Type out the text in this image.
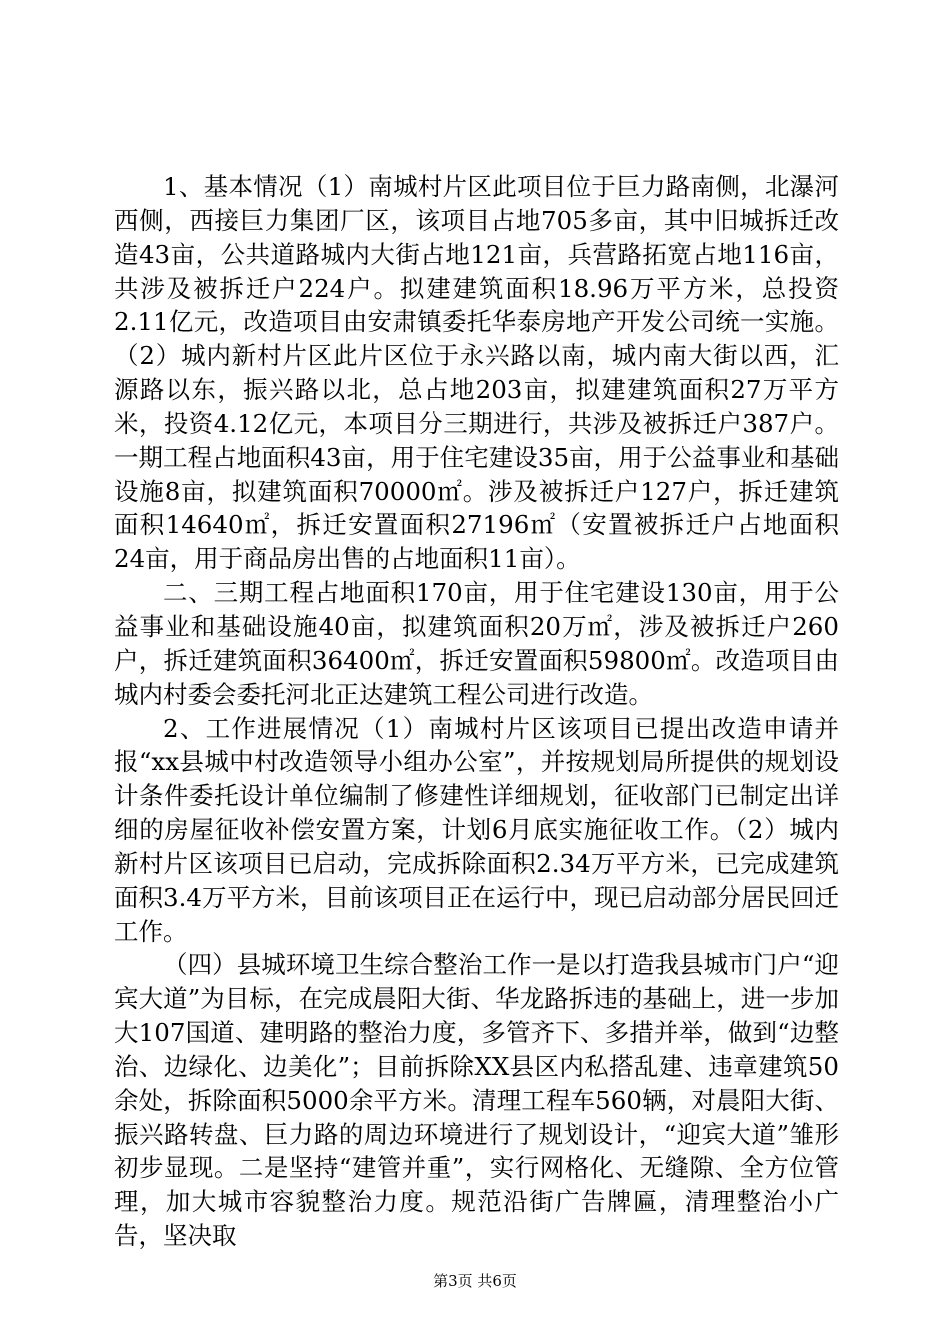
1、基本情况（1）南城村片区此项目位于巨力路南侧，北瀑河西侧，西接巨力集团厂区，该项目占地705多亩，其中旧城拆迁改造43亩，公共道路城内大街占地121亩，兵营路拓宽占地116亩，共涉及被拆迁户224户。拟建建筑面积18.96万平方米，总投资2.11亿元，改造项目由安肃镇委托华泰房地产开发公司统一实施。（2）城内新村片区此片区位于永兴路以南，城内南大街以西，汇源路以东，振兴路以北，总占地203亩，拟建建筑面积27万平方米，投资4.12亿元，本项目分三期进行，共涉及被拆迁户387户。一期工程占地面积43亩，用于住宅建设35亩，用于公益事业和基础设施8亩，拟建筑面积70000㎡。涉及被拆迁户127户，拆迁建筑面积14640㎡，拆迁安置面积27196㎡（安置被拆迁户占地面积24亩，用于商品房出售的占地面积11亩）。

二、三期工程占地面积170亩，用于住宅建设130亩，用于公益事业和基础设施40亩，拟建筑面积20万㎡，涉及被拆迁户260户，拆迁建筑面积36400㎡，拆迁安置面积59800㎡。改造项目由城内村委会委托河北正达建筑工程公司进行改造。

2、工作进展情况（1）南城村片区该项目已提出改造申请并报“xx县城中村改造领导小组办公室”，并按规划局所提供的规划设计条件委托设计单位编制了修建性详细规划，征收部门已制定出详细的房屋征收补偿安置方案，计划6月底实施征收工作。（2）城内新村片区该项目已启动，完成拆除面积2.34万平方米，已完成建筑面积3.4万平方米，目前该项目正在运行中，现已启动部分居民回迁工作。

（四）县城环境卫生综合整治工作一是以打造我县城市门户“迎宾大道”为目标，在完成晨阳大街、华龙路拆违的基础上，进一步加大107国道、建明路的整治力度，多管齐下、多措并举，做到“边整治、边绿化、边美化”；目前拆除XX县区内私搭乱建、违章建筑50余处，拆除面积5000余平方米。清理工程车560辆，对晨阳大街、振兴路转盘、巨力路的周边环境进行了规划设计，“迎宾大道”雏形初步显现。二是坚持“建管并重”，实行网格化、无缝隙、全方位管理，加大城市容貌整治力度。规范沿街广告牌匾，清理整治小广告，坚决取

第3页 共6页
